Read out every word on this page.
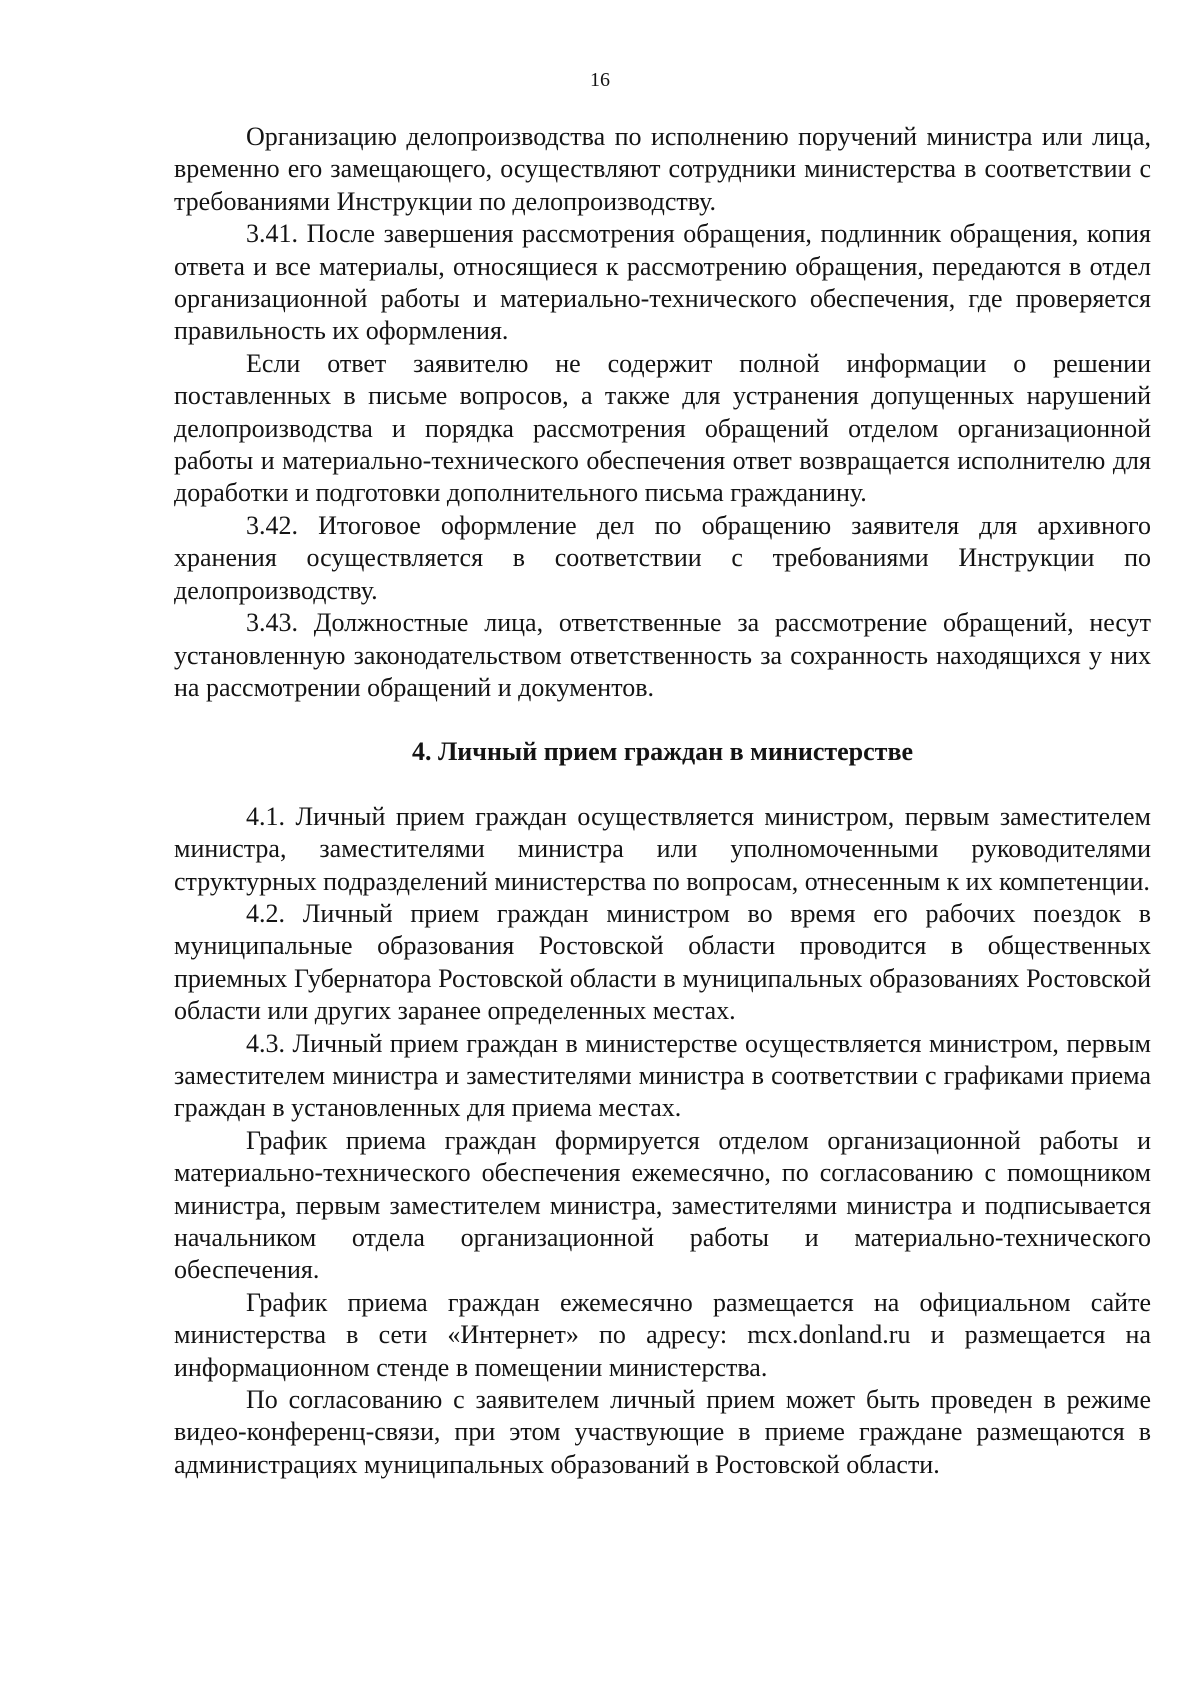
16

Организацию делопроизводства по исполнению поручений министра или лица, временно его замещающего, осуществляют сотрудники министерства в соответствии с требованиями Инструкции по делопроизводству.

3.41. После завершения рассмотрения обращения, подлинник обращения, копия ответа и все материалы, относящиеся к рассмотрению обращения, передаются в отдел организационной работы и материально-технического обеспечения, где проверяется правильность их оформления.

Если ответ заявителю не содержит полной информации о решении поставленных в письме вопросов, а также для устранения допущенных нарушений делопроизводства и порядка рассмотрения обращений отделом организационной работы и материально-технического обеспечения ответ возвращается исполнителю для доработки и подготовки дополнительного письма гражданину.

3.42. Итоговое оформление дел по обращению заявителя для архивного хранения осуществляется в соответствии с требованиями Инструкции по делопроизводству.

3.43. Должностные лица, ответственные за рассмотрение обращений, несут установленную законодательством ответственность за сохранность находящихся у них на рассмотрении обращений и документов.

4. Личный прием граждан в министерстве

4.1. Личный прием граждан осуществляется министром, первым заместителем министра, заместителями министра или уполномоченными руководителями структурных подразделений министерства по вопросам, отнесенным к их компетенции.

4.2. Личный прием граждан министром во время его рабочих поездок в муниципальные образования Ростовской области проводится в общественных приемных Губернатора Ростовской области в муниципальных образованиях Ростовской области или других заранее определенных местах.

4.3. Личный прием граждан в министерстве осуществляется министром, первым заместителем министра и заместителями министра в соответствии с графиками приема граждан в установленных для приема местах.

График приема граждан формируется отделом организационной работы и материально-технического обеспечения ежемесячно, по согласованию с помощником министра, первым заместителем министра, заместителями министра и подписывается начальником отдела организационной работы и материально-технического обеспечения.

График приема граждан ежемесячно размещается на официальном сайте министерства в сети «Интернет» по адресу: mcx.donland.ru и размещается на информационном стенде в помещении министерства.

По согласованию с заявителем личный прием может быть проведен в режиме видео-конференц-связи, при этом участвующие в приеме граждане размещаются в администрациях муниципальных образований в Ростовской области.
